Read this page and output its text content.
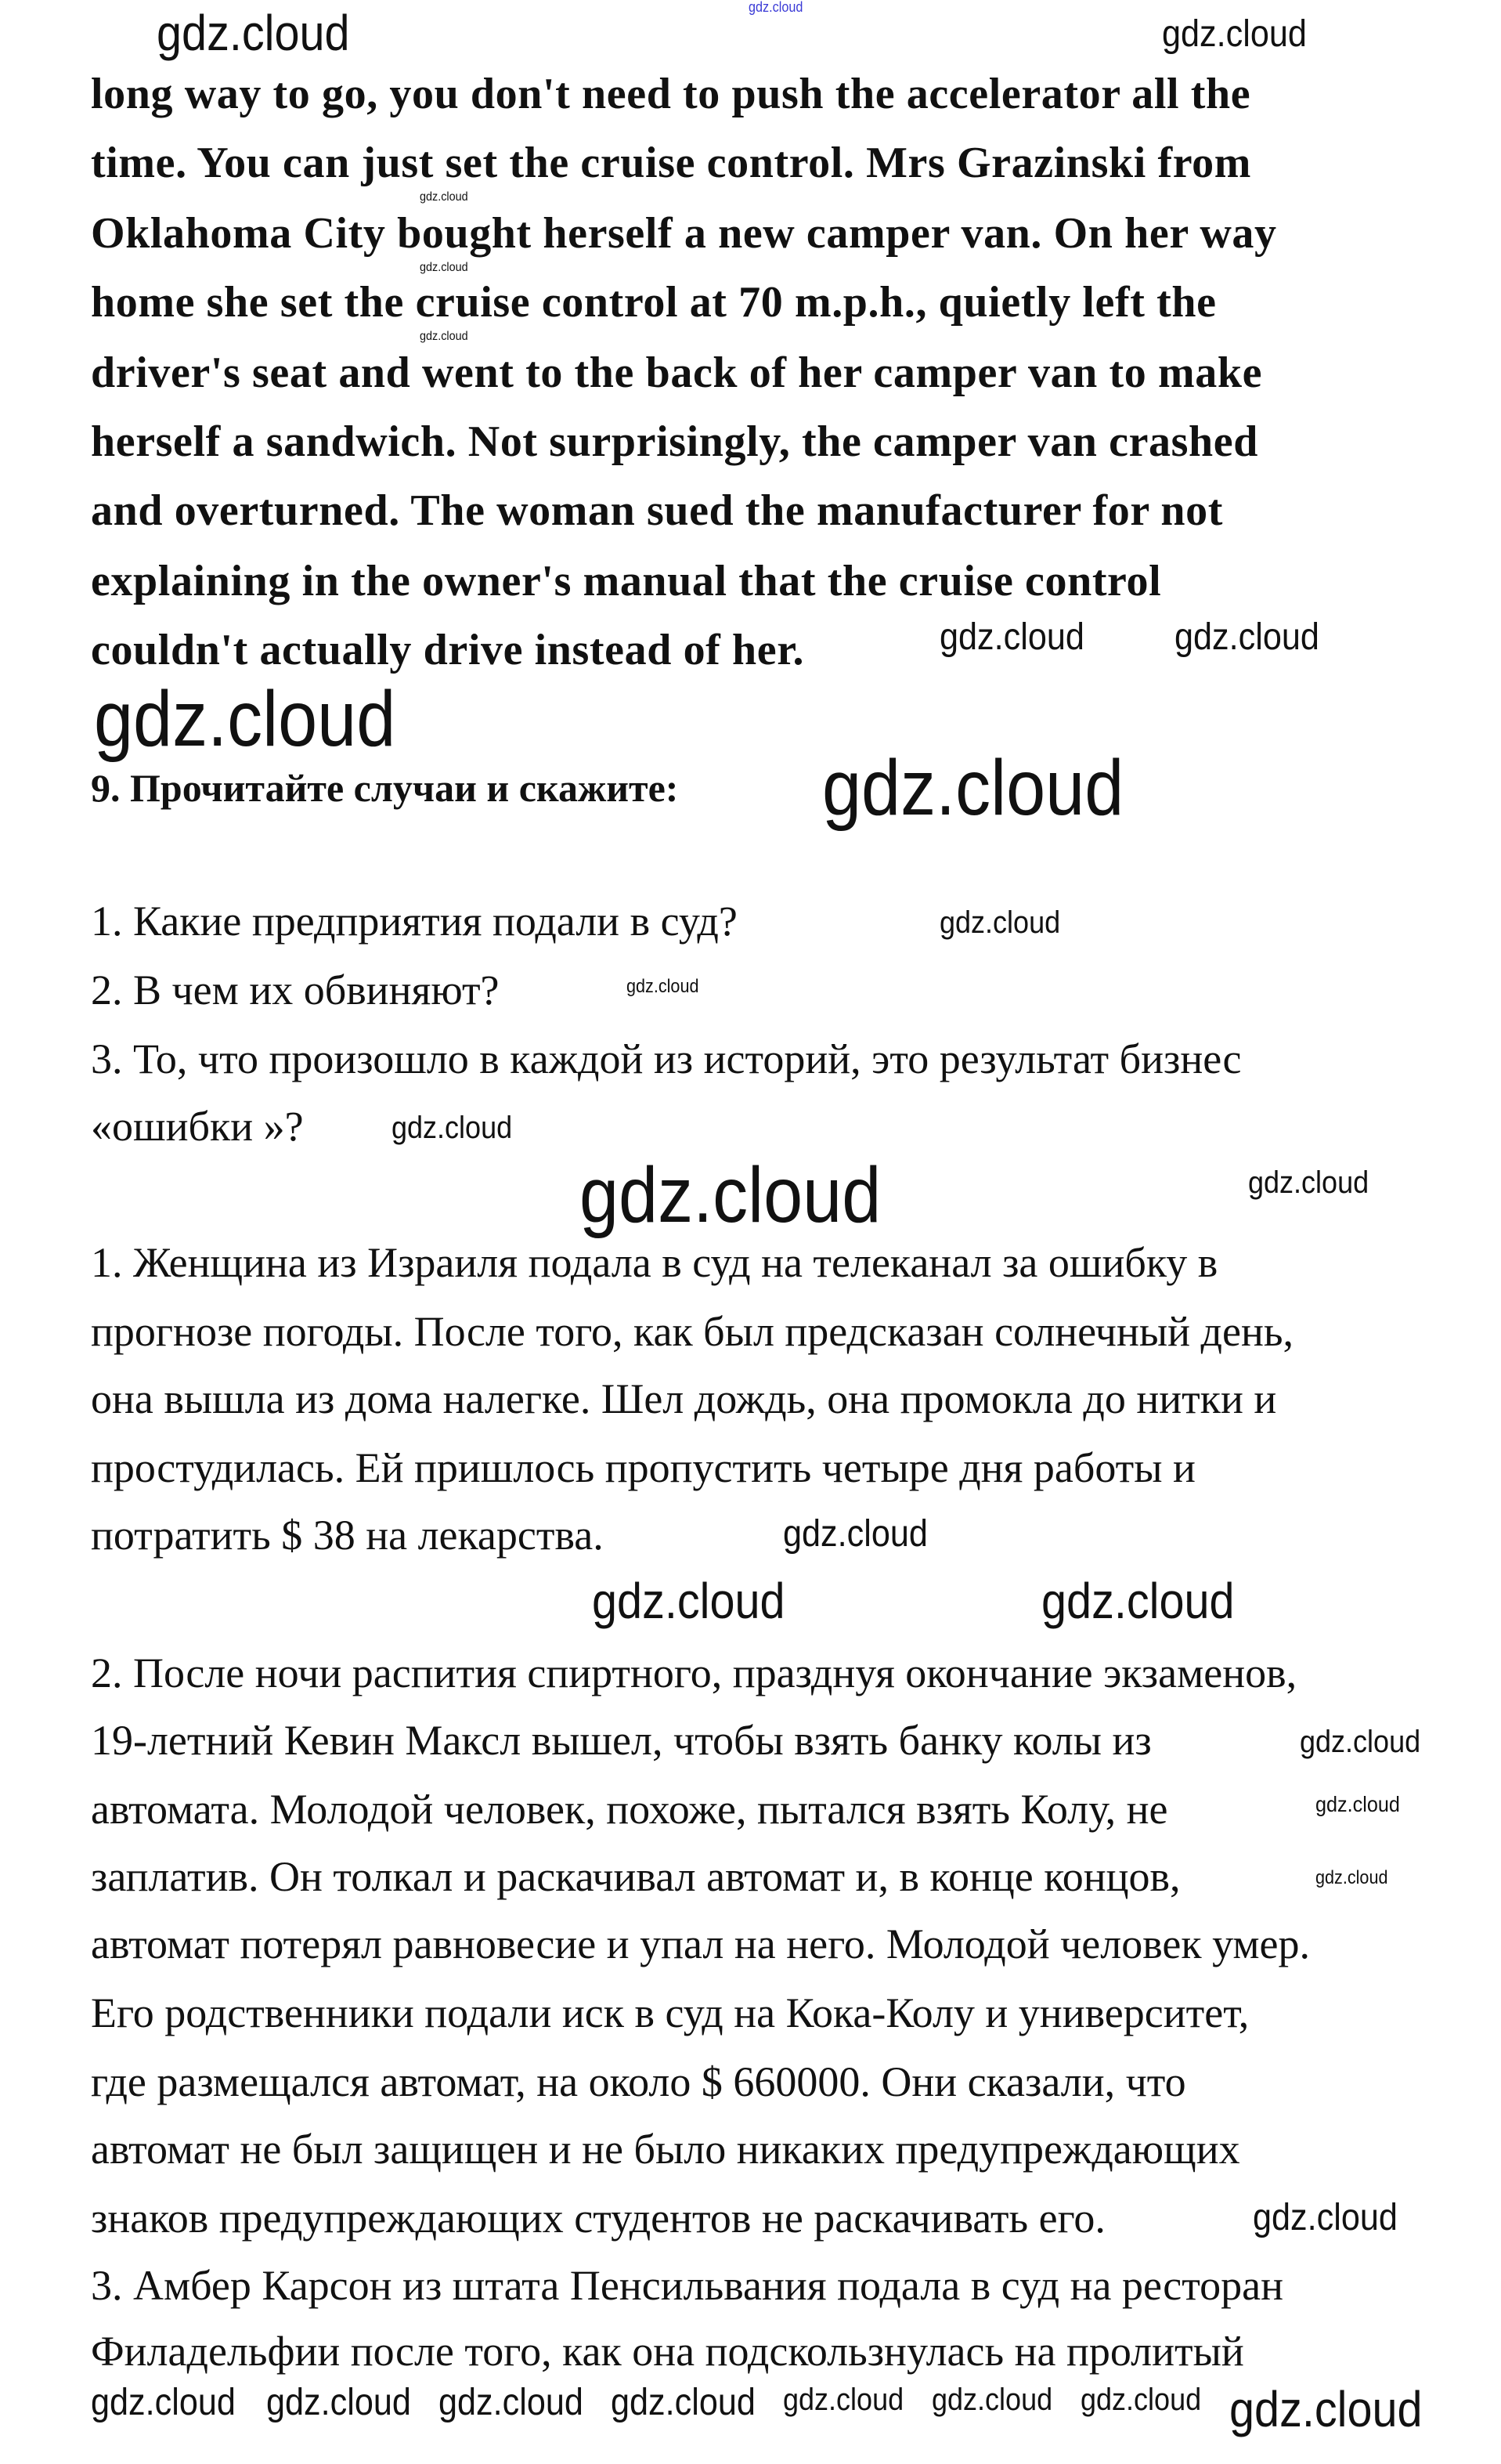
long way to go, you don't need to push the accelerator all the
time. You can just set the cruise control. Mrs Grazinski from
Oklahoma City bought herself a new camper van. On her way
home she set the cruise control at 70 m.p.h., quietly left the
driver's seat and went to the back of her camper van to make
herself a sandwich. Not surprisingly, the camper van crashed
and overturned. The woman sued the manufacturer for not
explaining in the owner's manual that the cruise control
couldn't actually drive instead of her.
1. Какие предприятия подали в суд?
2. В чем их обвиняют?
3. То, что произошло в каждой из историй, это результат бизнес
«ошибки »?
1. Женщина из Израиля подала в суд на телеканал за ошибку в
прогнозе погоды. После того, как был предсказан солнечный день,
она вышла из дома налегке. Шел дождь, она промокла до нитки и
простудилась. Ей пришлось пропустить четыре дня работы и
потратить $ 38 на лекарства.
2. После ночи распития спиртного, празднуя окончание экзаменов,
19-летний Кевин Максл вышел, чтобы взять банку колы из
автомата. Молодой человек, похоже, пытался взять Колу, не
заплатив. Он толкал и раскачивал автомат и, в конце концов,
автомат потерял равновесие и упал на него. Молодой человек умер.
Его родственники подали иск в суд на Кока-Колу и университет,
где размещался автомат, на около $ 660000. Они сказали, что
автомат не был защищен и не было никаких предупреждающих
знаков предупреждающих студентов не раскачивать его.
3. Амбер Карсон из штата Пенсильвания подала в суд на ресторан
Филадельфии после того, как она подскользнулась на пролитый
9. Прочитайте случаи и скажите:
gdz.cloud
gdz.cloud
gdz.cloud
gdz.cloud
gdz.cloud
gdz.cloud
gdz.cloud gdz.cloud
gdz.cloud
gdz.cloud
gdz.cloud
gdz.cloud
gdz.cloud
gdz.cloud	gdz.cloud
gdz.cloud
gdz.cloud	gdz.cloud
gdz.cloud
gdz.cloud
gdz.cloud
gdz.cloud
gdz.cloud gdz.cloud gdz.cloud gdz.cloud gdz.cloud gdz.cloud gdz.cloud gdz.cloud
